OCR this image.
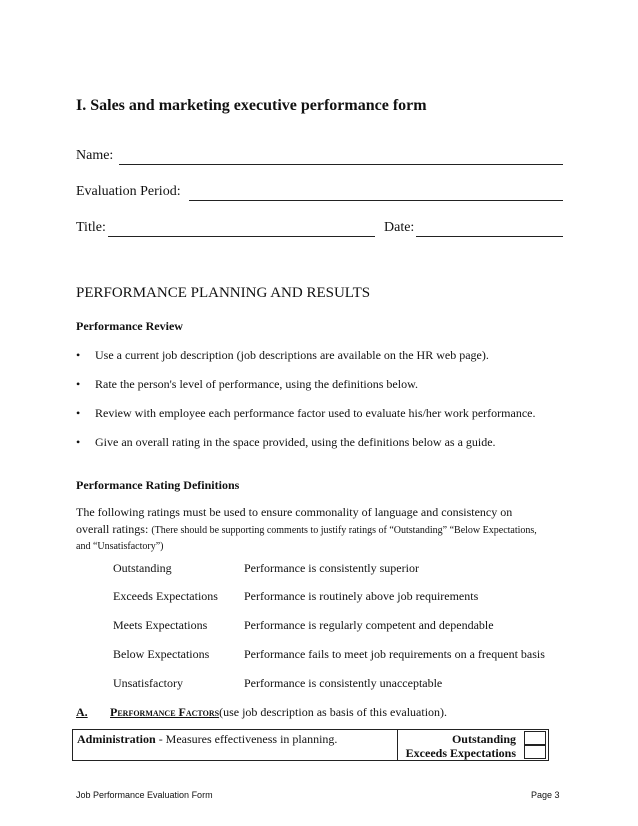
I. Sales and marketing executive performance form
Name:
Evaluation Period:
Title:	Date:
PERFORMANCE PLANNING AND RESULTS
Performance Review
• Use a current job description (job descriptions are available on the HR web page).
• Rate the person's level of performance, using the definitions below.
• Review with employee each performance factor used to evaluate his/her work performance.
• Give an overall rating in the space provided, using the definitions below as a guide.
Performance Rating Definitions
The following ratings must be used to ensure commonality of language and consistency on
overall ratings: (There should be supporting comments to justify ratings of “Outstanding” “Below Expectations,
and “Unsatisfactory”)
Outstanding	Performance is consistently superior
Exceeds Expectations Performance is routinely above job requirements
Meets Expectations	Performance is regularly competent and dependable
Below Expectations	Performance fails to meet job requirements on a frequent basis
Unsatisfactory	Performance is consistently unacceptable
A. Performance Factors(use job description as basis of this evaluation).
Administration - Measures effectiveness in planning.	Outstanding
Exceeds Expectations
Job Performance Evaluation Form	Page 3
